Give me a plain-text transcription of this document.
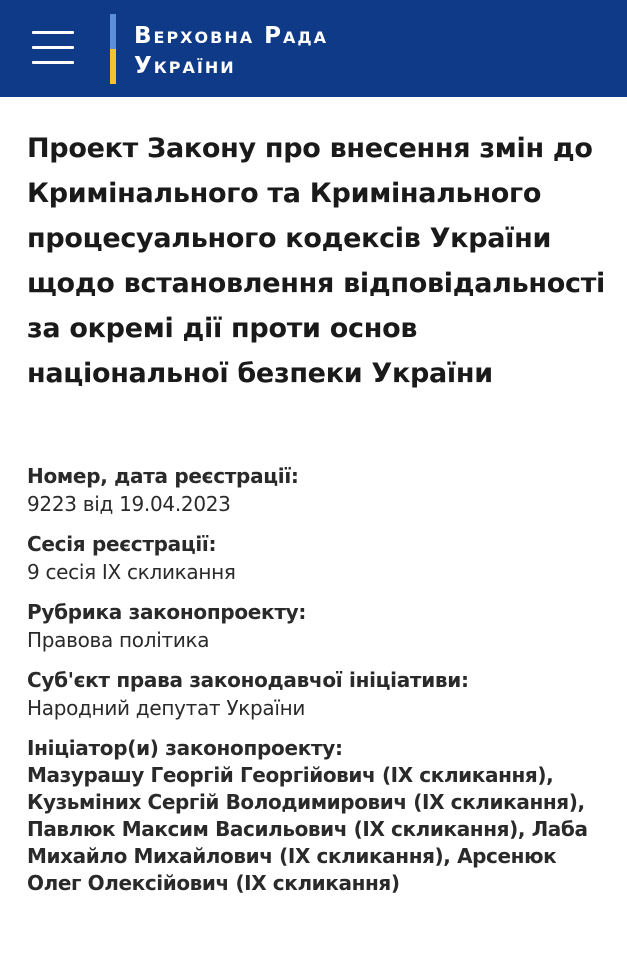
Верховна Рада
України
Проект Закону про внесення змін до Кримінального та Кримінального процесуального кодексів України щодо встановлення відповідальності за окремі дії проти основ національної безпеки України
Номер, дата реєстрації:
9223 від 19.04.2023
Сесія реєстрації:
9 сесія IX скликання
Рубрика законопроекту:
Правова політика
Суб'єкт права законодавчої ініціативи:
Народний депутат України
Ініціатор(и) законопроекту:
Мазурашу Георгій Георгійович (IX скликання), Кузьміних Сергій Володимирович (IX скликання), Павлюк Максим Васильович (IX скликання), Лаба Михайло Михайлович (IX скликання), Арсенюк Олег Олексійович (IX скликання)
